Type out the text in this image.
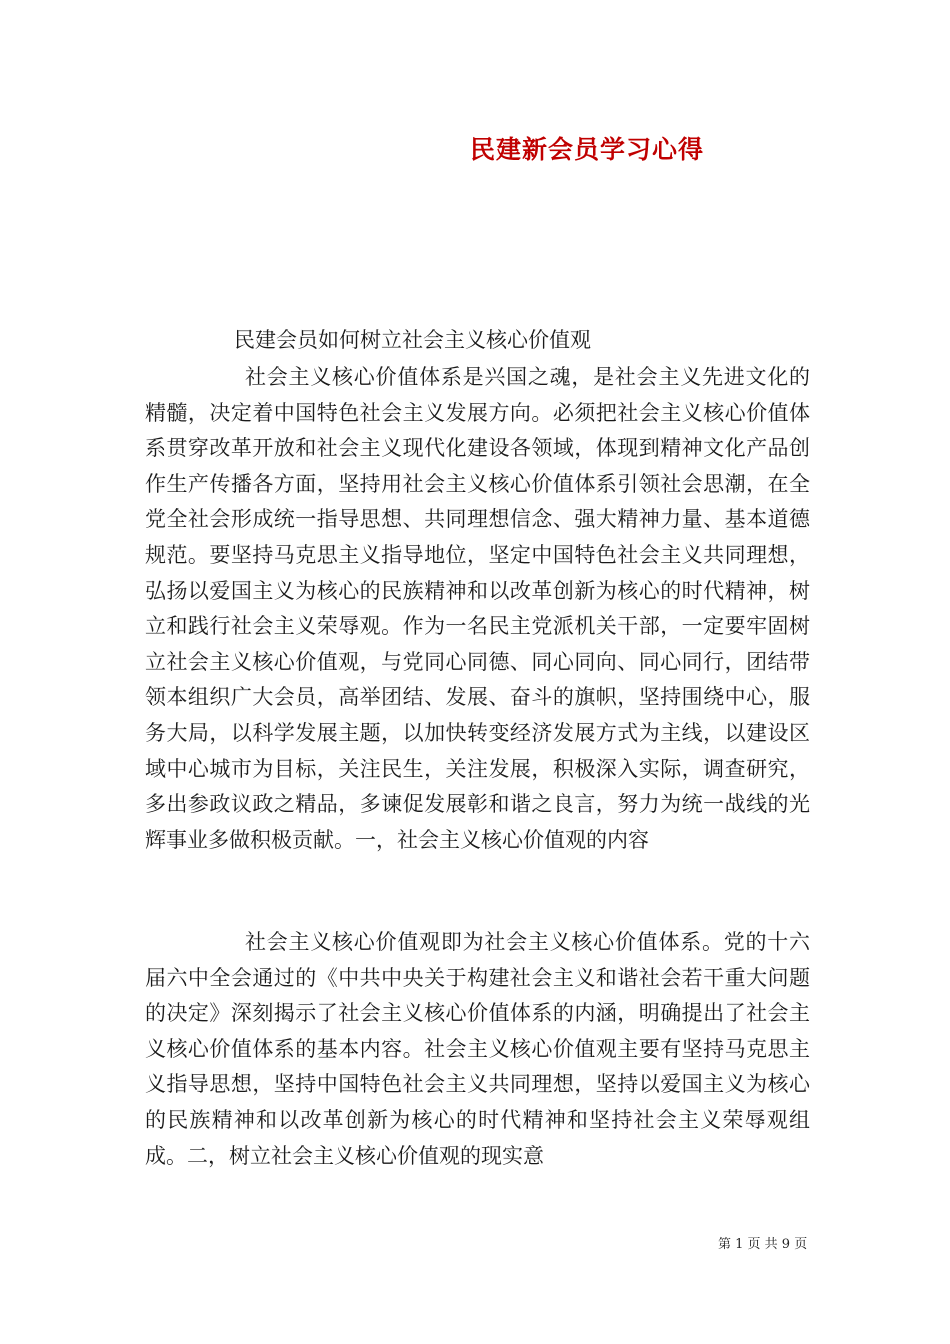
民建新会员学习心得
民建会员如何树立社会主义核心价值观

社会主义核心价值体系是兴国之魂，是社会主义先进文化的精髓，决定着中国特色社会主义发展方向。必须把社会主义核心价值体系贯穿改革开放和社会主义现代化建设各领域，体现到精神文化产品创作生产传播各方面，坚持用社会主义核心价值体系引领社会思潮，在全党全社会形成统一指导思想、共同理想信念、强大精神力量、基本道德规范。要坚持马克思主义指导地位，坚定中国特色社会主义共同理想，弘扬以爱国主义为核心的民族精神和以改革创新为核心的时代精神，树立和践行社会主义荣辱观。作为一名民主党派机关干部，一定要牢固树立社会主义核心价值观，与党同心同德、同心同向、同心同行，团结带领本组织广大会员，高举团结、发展、奋斗的旗帜，坚持围绕中心，服务大局，以科学发展主题，以加快转变经济发展方式为主线，以建设区域中心城市为目标，关注民生，关注发展，积极深入实际，调查研究，多出参政议政之精品，多谏促发展彰和谐之良言，努力为统一战线的光辉事业多做积极贡献。一，社会主义核心价值观的内容

社会主义核心价值观即为社会主义核心价值体系。党的十六届六中全会通过的《中共中央关于构建社会主义和谐社会若干重大问题的决定》深刻揭示了社会主义核心价值体系的内涵，明确提出了社会主义核心价值体系的基本内容。社会主义核心价值观主要有坚持马克思主义指导思想，坚持中国特色社会主义共同理想，坚持以爱国主义为核心的民族精神和以改革创新为核心的时代精神和坚持社会主义荣辱观组成。二，树立社会主义核心价值观的现实意

第 1 页 共 9 页
